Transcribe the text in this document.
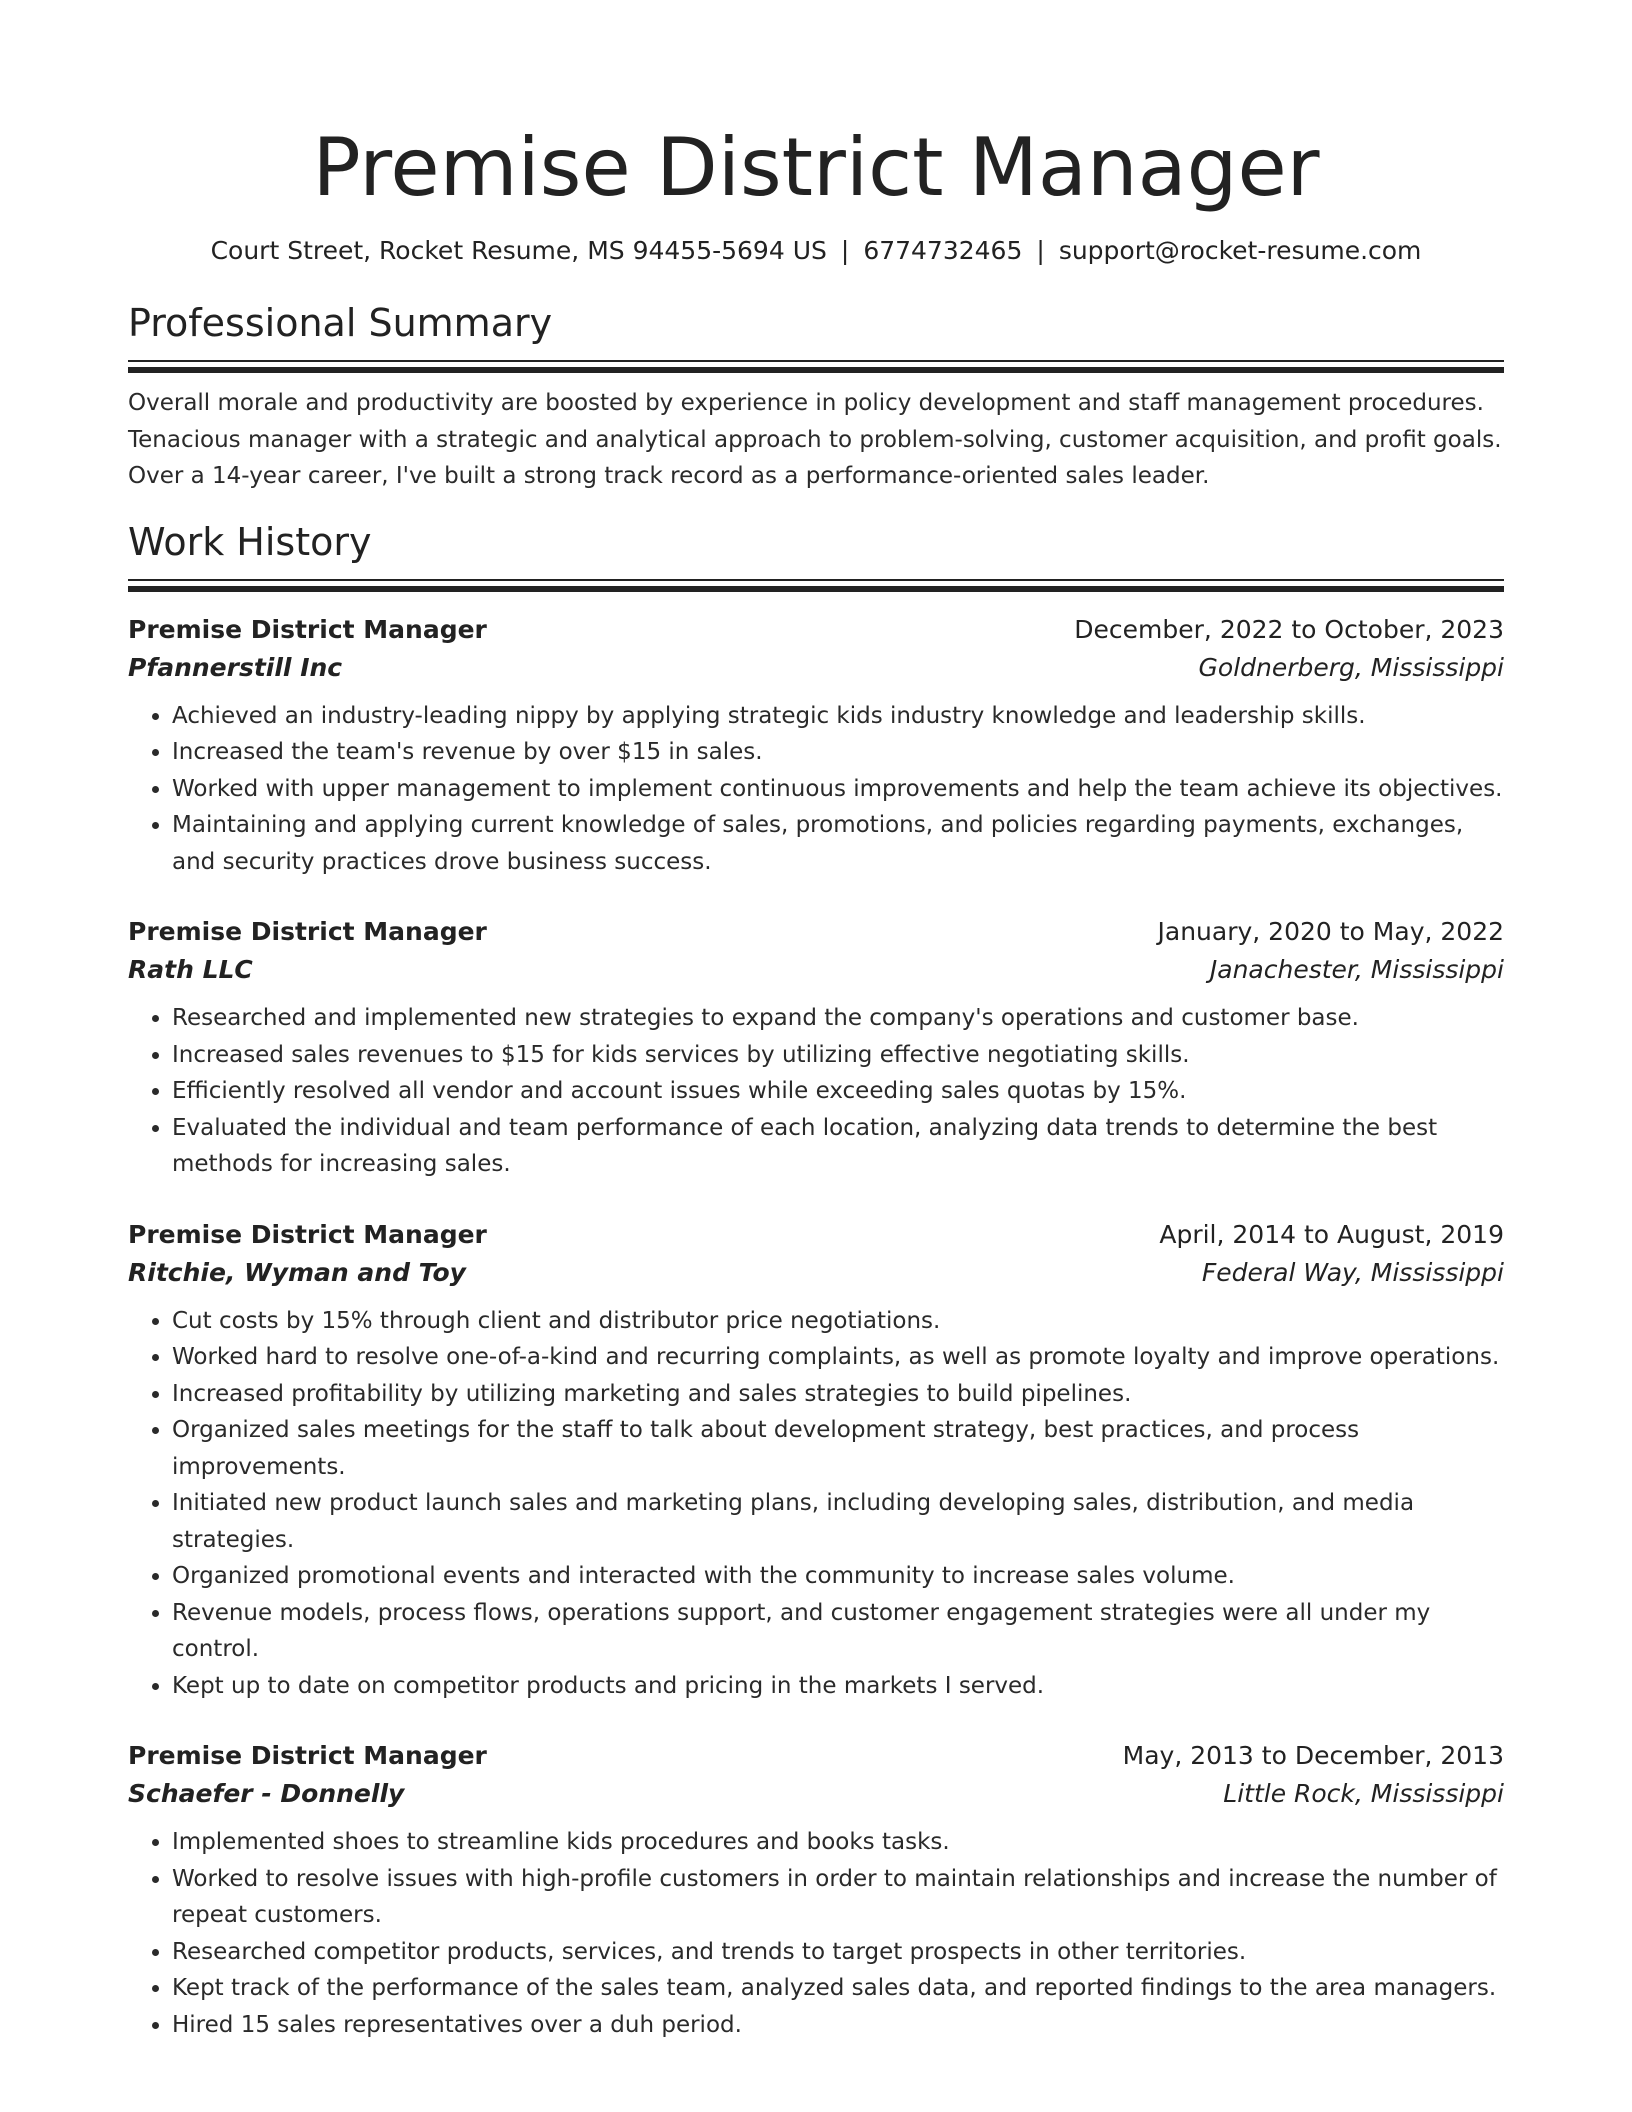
Premise District Manager
Court Street, Rocket Resume, MS 94455-5694 US | 6774732465 | support@rocket-resume.com
Professional Summary
Overall morale and productivity are boosted by experience in policy development and staff management procedures. Tenacious manager with a strategic and analytical approach to problem-solving, customer acquisition, and profit goals. Over a 14-year career, I've built a strong track record as a performance-oriented sales leader.
Work History
Premise District Manager	December, 2022 to October, 2023
Pfannerstill Inc	Goldnerberg, Mississippi
• Achieved an industry-leading nippy by applying strategic kids industry knowledge and leadership skills.
• Increased the team's revenue by over $15 in sales.
• Worked with upper management to implement continuous improvements and help the team achieve its objectives.
• Maintaining and applying current knowledge of sales, promotions, and policies regarding payments, exchanges, and security practices drove business success.
Premise District Manager	January, 2020 to May, 2022
Rath LLC	Janachester, Mississippi
• Researched and implemented new strategies to expand the company's operations and customer base.
• Increased sales revenues to $15 for kids services by utilizing effective negotiating skills.
• Efficiently resolved all vendor and account issues while exceeding sales quotas by 15%.
• Evaluated the individual and team performance of each location, analyzing data trends to determine the best methods for increasing sales.
Premise District Manager	April, 2014 to August, 2019
Ritchie, Wyman and Toy	Federal Way, Mississippi
• Cut costs by 15% through client and distributor price negotiations.
• Worked hard to resolve one-of-a-kind and recurring complaints, as well as promote loyalty and improve operations.
• Increased profitability by utilizing marketing and sales strategies to build pipelines.
• Organized sales meetings for the staff to talk about development strategy, best practices, and process improvements.
• Initiated new product launch sales and marketing plans, including developing sales, distribution, and media strategies.
• Organized promotional events and interacted with the community to increase sales volume.
• Revenue models, process flows, operations support, and customer engagement strategies were all under my control.
• Kept up to date on competitor products and pricing in the markets I served.
Premise District Manager	May, 2013 to December, 2013
Schaefer - Donnelly	Little Rock, Mississippi
• Implemented shoes to streamline kids procedures and books tasks.
• Worked to resolve issues with high-profile customers in order to maintain relationships and increase the number of repeat customers.
• Researched competitor products, services, and trends to target prospects in other territories.
• Kept track of the performance of the sales team, analyzed sales data, and reported findings to the area managers.
• Hired 15 sales representatives over a duh period.
